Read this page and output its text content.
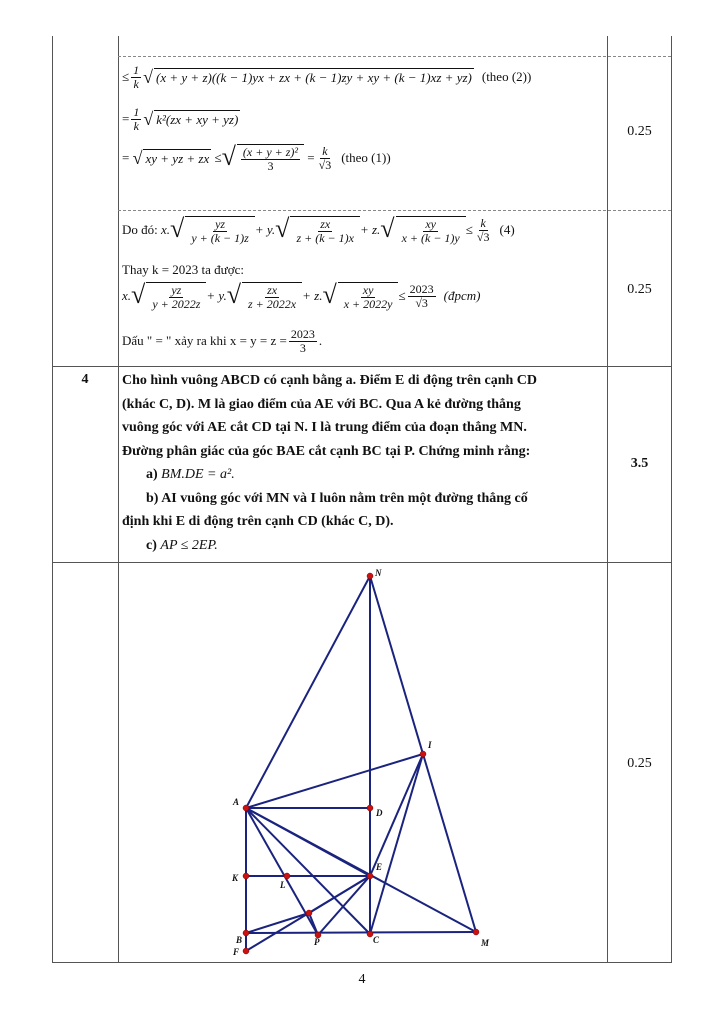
≤ $\frac{1}{k}$ √ (x + y + z)((k − 1)yx + zx + (k − 1)zy + xy + (k − 1)xz + yz) (theo (2))
= $\frac{1}{k}$ √ k²(zx + xy + yz)
=
√ xy + yz + zx
≤ √ $\frac{\text{(x + y + z)²}}{3}$
= $\frac{k}{√3}$ (theo (1))
0.25
Do đó:
x. √ $\frac{yz}{y + (k - 1)z} + y$. √ $\frac{zx}{z + (k - 1)x} + z$. √ $\frac{xy}{x + (k - 1)y} \le \frac{k}{√3} (4)$
Thay k = 2023 ta được:
x. √ $\frac{yz}{y + 2022z} + y$. √ $\frac{zx}{z + 2022x} + z$. √ $\frac{xy}{x + 2022y} \le \frac{2023}{√3}$ (đpcm)
Dấu " = " xảy ra khi $x = y = z = \frac{2023}{3}$ .
0.25
4	Cho hình vuông ABCD có cạnh bằng a. Điểm E di động trên cạnh CD
(khác C, D). M là giao điểm của AE với BC. Qua A kẻ đường thẳng
vuông góc với AE cắt CD tại N. I là trung điểm của đoạn thẳng MN.
Đường phân giác của góc BAE cắt cạnh BC tại P. Chứng minh rằng:
a) BM.DE = a².
b) AI vuông góc với MN và I luôn nằm trên một đường thẳng cố
định khi E di động trên cạnh CD (khác C, D).
c) AP ≤ 2EP.
3.5
0.25
N
I
A
D
E
K
L
B
F
P	C	M
4
